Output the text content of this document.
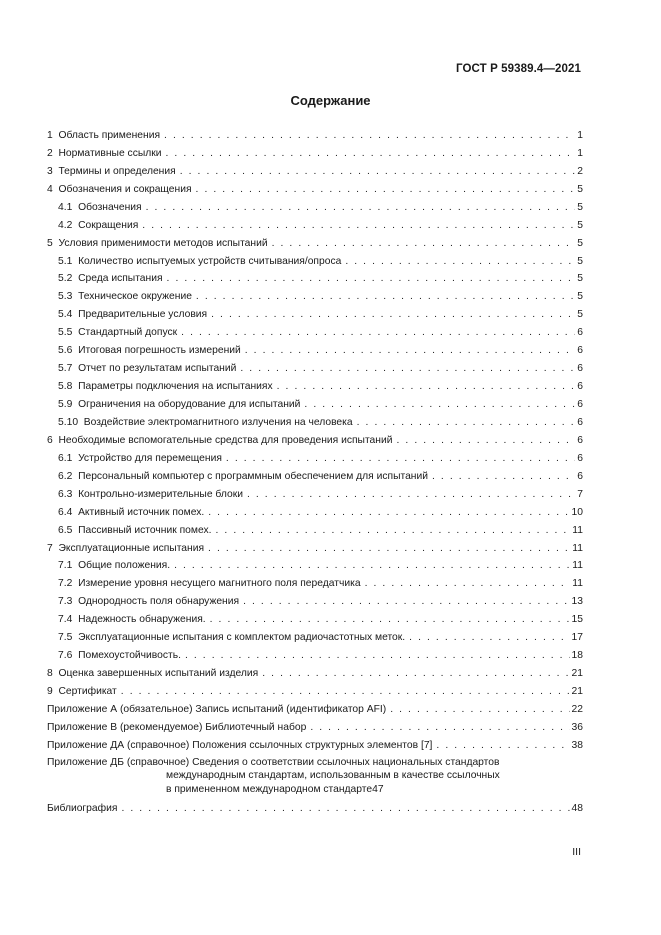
ГОСТ Р 59389.4—2021
Содержание
1 Область применения . . .	1
2 Нормативные ссылки . . .	1
3 Термины и определения . . .	2
4 Обозначения и сокращения . . .	5
4.1 Обозначения . . .	5
4.2 Сокращения . . .	5
5 Условия применимости методов испытаний . . .	5
5.1 Количество испытуемых устройств считывания/опроса . . .	5
5.2 Среда испытания . . .	5
5.3 Техническое окружение . . .	5
5.4 Предварительные условия . . .	5
5.5 Стандартный допуск . . .	6
5.6 Итоговая погрешность измерений . . .	6
5.7 Отчет по результатам испытаний . . .	6
5.8 Параметры подключения на испытаниях . . .	6
5.9 Ограничения на оборудование для испытаний . . .	6
5.10 Воздействие электромагнитного излучения на человека . . .	6
6 Необходимые вспомогательные средства для проведения испытаний . . .	6
6.1 Устройство для перемещения . . .	6
6.2 Персональный компьютер с программным обеспечением для испытаний . . .	6
6.3 Контрольно-измерительные блоки . . .	7
6.4 Активный источник помех. . . .	10
6.5 Пассивный источник помех. . . .	11
7 Эксплуатационные испытания . . .	11
7.1 Общие положения. . . .	11
7.2 Измерение уровня несущего магнитного поля передатчика . . .	11
7.3 Однородность поля обнаружения . . .	13
7.4 Надежность обнаружения. . . .	15
7.5 Эксплуатационные испытания с комплектом радиочастотных меток. . . .	17
7.6 Помехоустойчивость. . . .	18
8 Оценка завершенных испытаний изделия . . .	21
9 Сертификат . . .	21
Приложение А (обязательное) Запись испытаний (идентификатор AFI) . . .	22
Приложение В (рекомендуемое) Библиотечный набор . . .	36
Приложение ДА (справочное) Положения ссылочных структурных элементов [7] . . .	38
Приложение ДБ (справочное) Сведения о соответствии ссылочных национальных стандартов
международным стандартам, использованным в качестве ссылочных
в примененном международном стандарте 47
Библиография . . .	48
III
